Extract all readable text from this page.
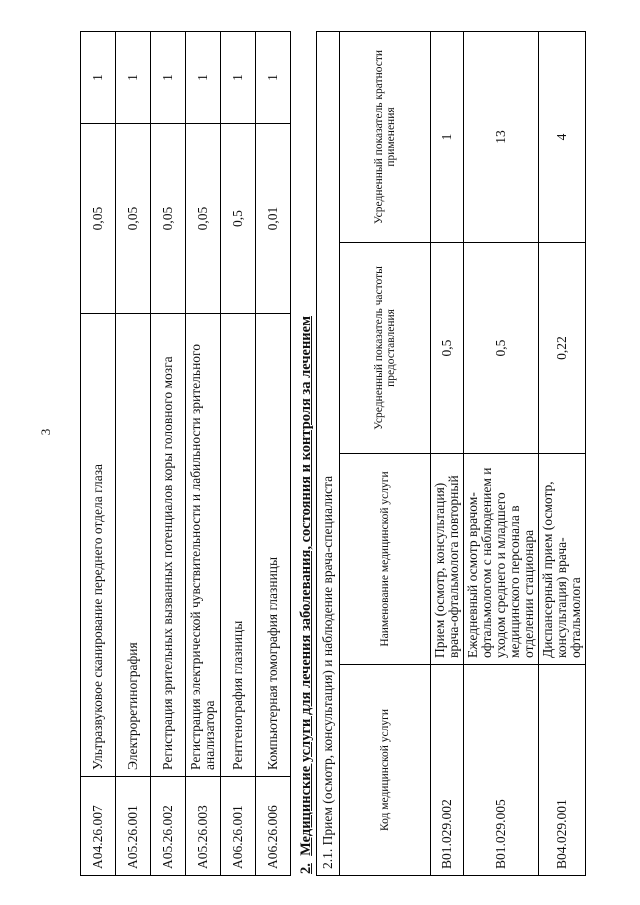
3
A04.26.007	Ультразвуковое сканирование переднего отдела глаза	0,05	1
A05.26.001	Электроретинография	0,05	1
A05.26.002	Регистрация зрительных вызванных потенциалов коры головного мозга	0,05	1
A05.26.003	Регистрация электрической чувствительности и лабильности зрительного анализатора	0,05	1
A06.26.001	Рентгенография глазницы	0,5	1
A06.26.006	Компьютерная томография глазницы	0,01	1
2.  Медицинские услуги для лечения заболевания, состояния и контроля за лечением 2.1. Прием (осмотр, консультация) и наблюдение врача-специалиста			
Код медицинской услуги	Наименование медицинской услуги	Усредненный показатель частоты предоставления	Усредненный показатель кратности применения
B01.029.002	Прием (осмотр, консультация) врача-офтальмолога повторный	0,5	1
B01.029.005	Ежедневный осмотр врачом-офтальмологом с наблюдением и уходом среднего и младшего медицинского персонала в отделении стационара	0,5	13
B04.029.001	Диспансерный прием (осмотр, консультация) врача-офтальмолога	0,22	4
